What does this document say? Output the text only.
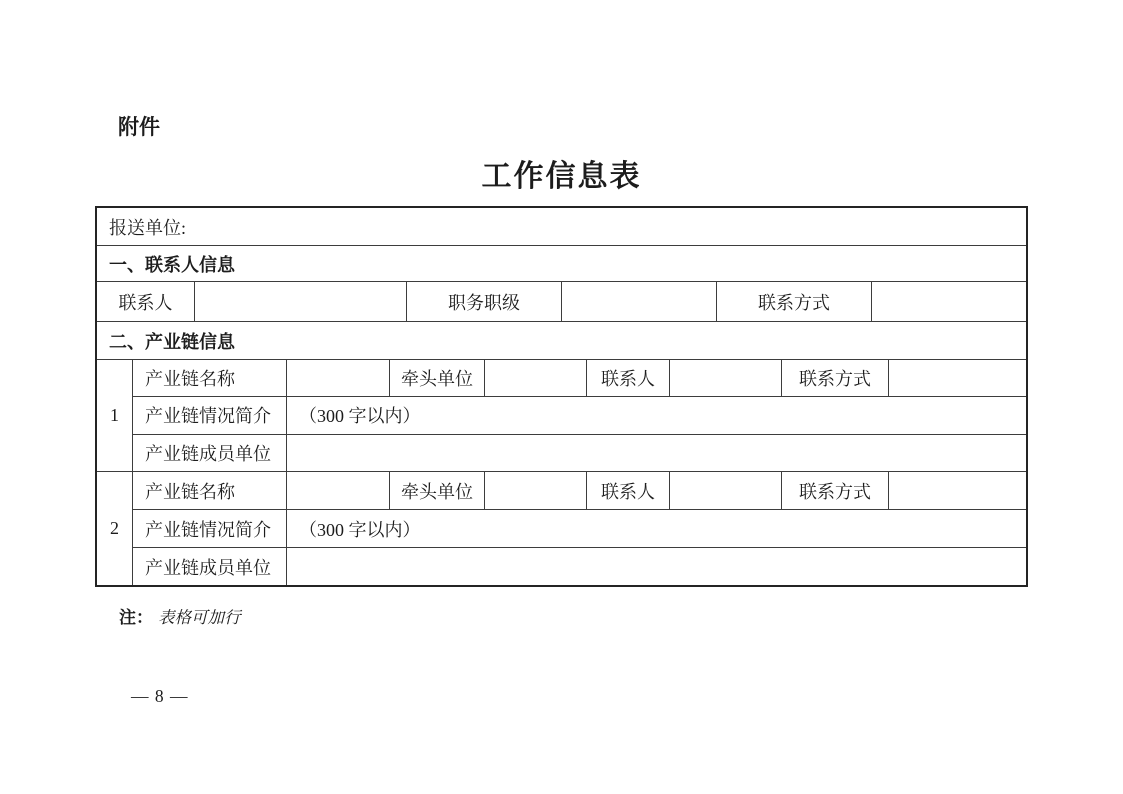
附件
工作信息表
报送单位:
一、联系人信息
联系人	职务职级	联系方式
二、产业链信息
1
产业链名称	牵头单位	联系人	联系方式
产业链情况简介	（300 字以内）
产业链成员单位
2
产业链名称	牵头单位	联系人	联系方式
产业链情况简介	（300 字以内）
产业链成员单位
注： 表格可加行
— 8 —
